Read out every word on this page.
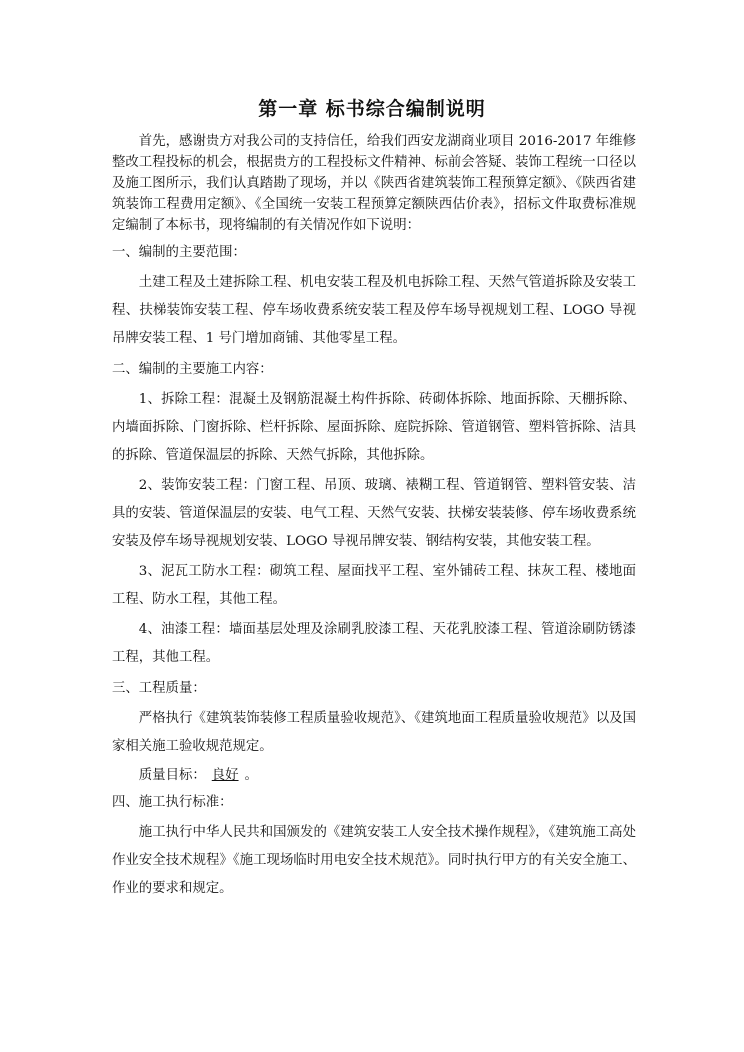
第一章 标书综合编制说明

首先，感谢贵方对我公司的支持信任，给我们西安龙湖商业项目 2016-2017 年维修整改工程投标的机会，根据贵方的工程投标文件精神、标前会答疑、装饰工程统一口径以及施工图所示，我们认真踏勘了现场，并以《陕西省建筑装饰工程预算定额》、《陕西省建筑装饰工程费用定额》、《全国统一安装工程预算定额陕西估价表》，招标文件取费标准规定编制了本标书，现将编制的有关情况作如下说明：

一、编制的主要范围：

土建工程及土建拆除工程、机电安装工程及机电拆除工程、天然气管道拆除及安装工程、扶梯装饰安装工程、停车场收费系统安装工程及停车场导视规划工程、LOGO 导视吊牌安装工程、1 号门增加商铺、其他零星工程。

二、编制的主要施工内容：

1、拆除工程：混凝土及钢筋混凝土构件拆除、砖砌体拆除、地面拆除、天棚拆除、内墙面拆除、门窗拆除、栏杆拆除、屋面拆除、庭院拆除、管道钢管、塑料管拆除、洁具的拆除、管道保温层的拆除、天然气拆除，其他拆除。

2、装饰安装工程：门窗工程、吊顶、玻璃、裱糊工程、管道钢管、塑料管安装、洁具的安装、管道保温层的安装、电气工程、天然气安装、扶梯安装装修、停车场收费系统安装及停车场导视规划安装、LOGO 导视吊牌安装、钢结构安装，其他安装工程。

3、泥瓦工防水工程：砌筑工程、屋面找平工程、室外铺砖工程、抹灰工程、楼地面工程、防水工程，其他工程。

4、油漆工程：墙面基层处理及涂刷乳胶漆工程、天花乳胶漆工程、管道涂刷防锈漆工程，其他工程。

三、工程质量：

严格执行《建筑装饰装修工程质量验收规范》、《建筑地面工程质量验收规范》以及国家相关施工验收规范规定。

质量目标： 良好 。

四、施工执行标准：

施工执行中华人民共和国颁发的《建筑安装工人安全技术操作规程》，《建筑施工高处作业安全技术规程》《施工现场临时用电安全技术规范》。同时执行甲方的有关安全施工、作业的要求和规定。
